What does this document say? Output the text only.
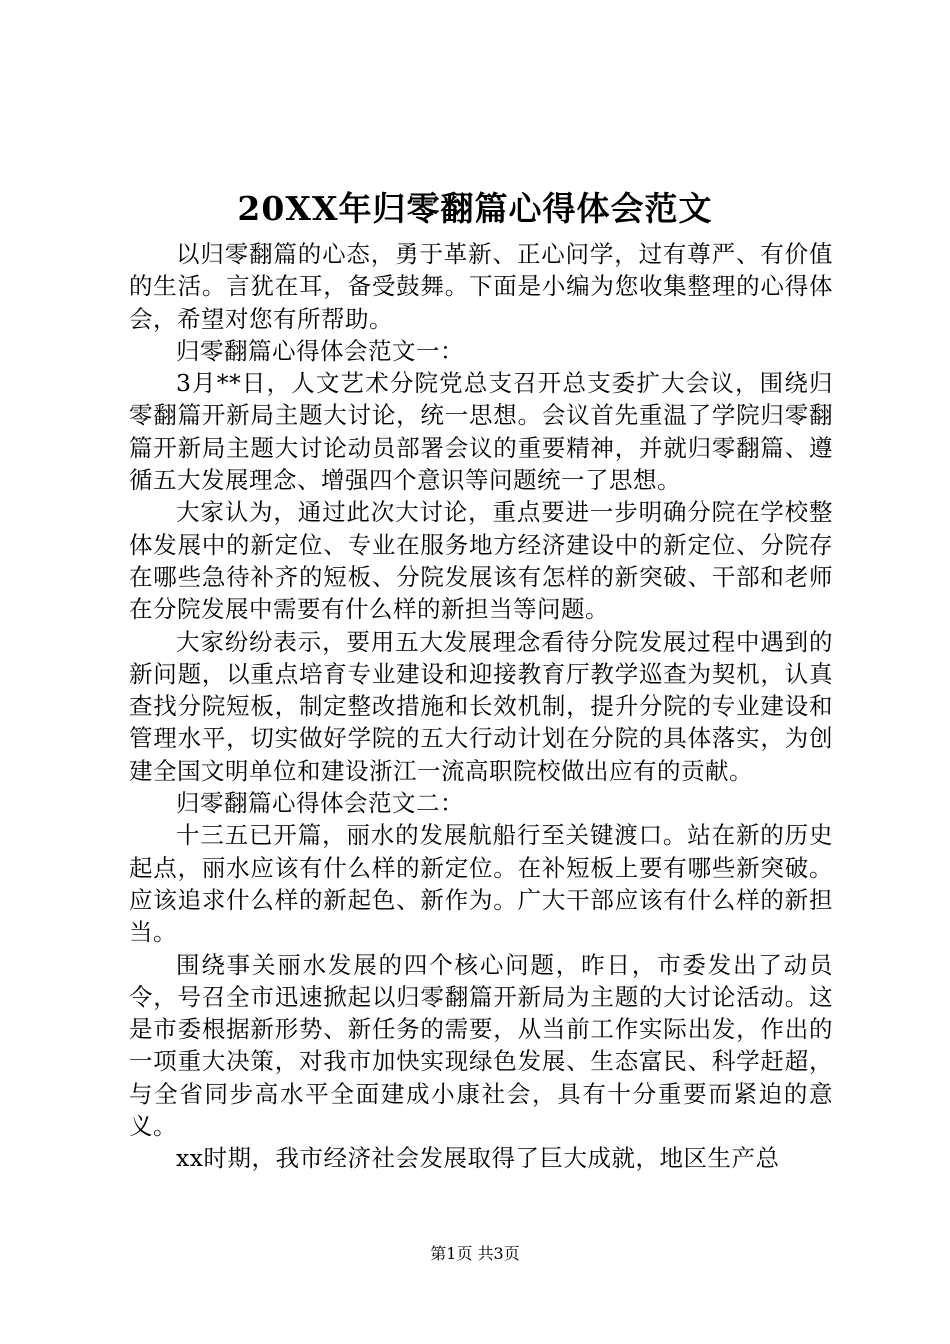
20XX年归零翻篇心得体会范文

以归零翻篇的心态，勇于革新、正心问学，过有尊严、有价值的生活。言犹在耳，备受鼓舞。下面是小编为您收集整理的心得体会，希望对您有所帮助。

归零翻篇心得体会范文一：

3月**日，人文艺术分院党总支召开总支委扩大会议，围绕归零翻篇开新局主题大讨论，统一思想。会议首先重温了学院归零翻篇开新局主题大讨论动员部署会议的重要精神，并就归零翻篇、遵循五大发展理念、增强四个意识等问题统一了思想。

大家认为，通过此次大讨论，重点要进一步明确分院在学校整体发展中的新定位、专业在服务地方经济建设中的新定位、分院存在哪些急待补齐的短板、分院发展该有怎样的新突破、干部和老师在分院发展中需要有什么样的新担当等问题。

大家纷纷表示，要用五大发展理念看待分院发展过程中遇到的新问题，以重点培育专业建设和迎接教育厅教学巡查为契机，认真查找分院短板，制定整改措施和长效机制，提升分院的专业建设和管理水平，切实做好学院的五大行动计划在分院的具体落实，为创建全国文明单位和建设浙江一流高职院校做出应有的贡献。

归零翻篇心得体会范文二：

十三五已开篇，丽水的发展航船行至关键渡口。站在新的历史起点，丽水应该有什么样的新定位。在补短板上要有哪些新突破。应该追求什么样的新起色、新作为。广大干部应该有什么样的新担当。

围绕事关丽水发展的四个核心问题，昨日，市委发出了动员令，号召全市迅速掀起以归零翻篇开新局为主题的大讨论活动。这是市委根据新形势、新任务的需要，从当前工作实际出发，作出的一项重大决策，对我市加快实现绿色发展、生态富民、科学赶超，与全省同步高水平全面建成小康社会，具有十分重要而紧迫的意义。

xx时期，我市经济社会发展取得了巨大成就，地区生产总

第1页 共3页
